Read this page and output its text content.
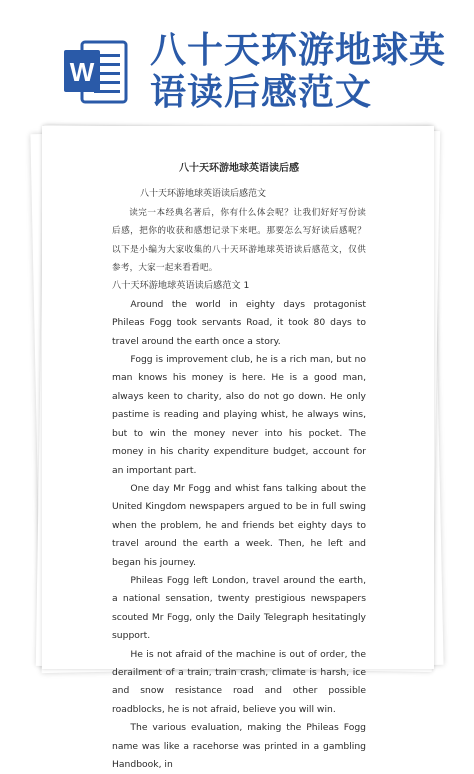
W
八十天环游地球英语读后感范文
八十天环游地球英语读后感
八十天环游地球英语读后感范文

读完一本经典名著后，你有什么体会呢？让我们好好写份读后感，把你的收获和感想记录下来吧。那要怎么写好读后感呢？以下是小编为大家收集的八十天环游地球英语读后感范文，仅供参考，大家一起来看看吧。

八十天环游地球英语读后感范文 1

Around the world in eighty days protagonist Phileas Fogg took servants Road, it took 80 days to travel around the earth once a story.

Fogg is improvement club, he is a rich man, but no man knows his money is here. He is a good man, always keen to charity, also do not go down. He only pastime is reading and playing whist, he always wins, but to win the money never into his pocket. The money in his charity expenditure budget, account for an important part.

One day Mr Fogg and whist fans talking about the United Kingdom newspapers argued to be in full swing when the problem, he and friends bet eighty days to travel around the earth a week. Then, he left and began his journey.

Phileas Fogg left London, travel around the earth, a national sensation, twenty prestigious newspapers scouted Mr Fogg, only the Daily Telegraph hesitatingly support.

He is not afraid of the machine is out of order, the derailment of a train, train crash, climate is harsh, ice and snow resistance road and other possible roadblocks, he is not afraid, believe you will win.

The various evaluation, making the Phileas Fogg name was like a racehorse was printed in a gambling Handbook, in
